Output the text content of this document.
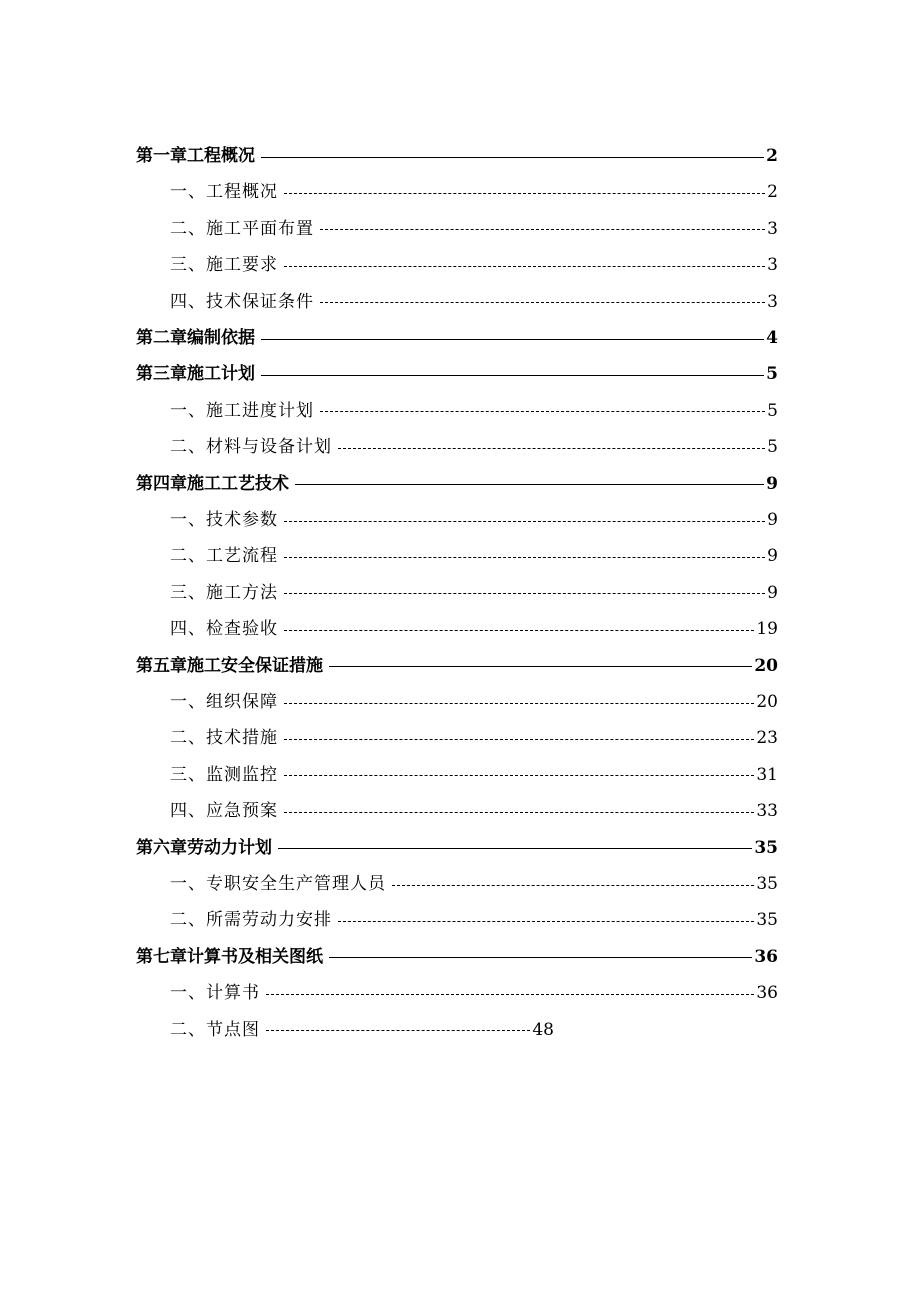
第一章工程概况	2
一、工程概况	2
二、施工平面布置	3
三、施工要求	3
四、技术保证条件	3
第二章编制依据	4
第三章施工计划	5
一、施工进度计划	5
二、材料与设备计划	5
第四章施工工艺技术	9
一、技术参数	9
二、工艺流程	9
三、施工方法	9
四、检查验收	19
第五章施工安全保证措施	20
一、组织保障	20
二、技术措施	23
三、监测监控	31
四、应急预案	33
第六章劳动力计划	35
一、专职安全生产管理人员	35
二、所需劳动力安排	35
第七章计算书及相关图纸	36
一、计算书	36
二、节点图	48
